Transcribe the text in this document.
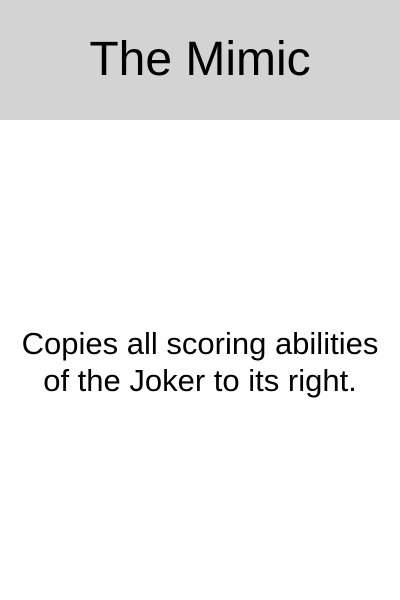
The Mimic

Copies all scoring abilities of the Joker to its right.
